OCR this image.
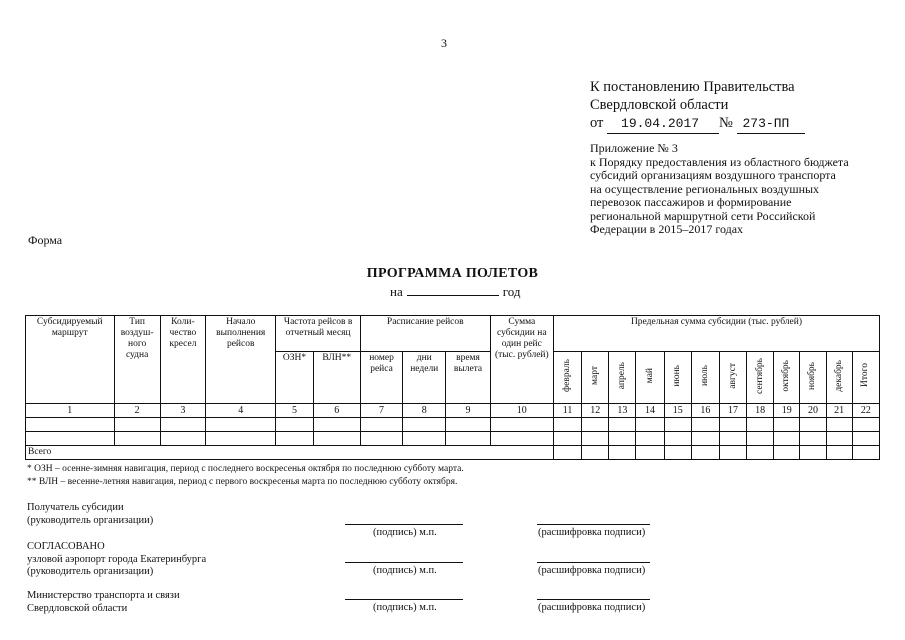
3
К постановлению Правительства
Свердловской области
от 19.04.2017 № 273-ПП
Приложение № 3
к Порядку предоставления из областного бюджета
субсидий организациям воздушного транспорта
на осуществление региональных воздушных
перевозок пассажиров и формирование
региональной маршрутной сети Российской
Федерации в 2015–2017 годах
Форма
ПРОГРАММА ПОЛЕТОВ
на	год
Субсидируемый маршрут	Тип воздуш-ного судна	Коли-чество кресел	Начало выполнения рейсов	Частота рейсов в отчетный месяц		Расписание рейсов			Сумма субсидии на один рейс (тыс. рублей)	Предельная сумма субсидии (тыс. рублей)											
				ОЗН*	ВЛН**	номер рейса	дни недели	время вылета		февраль	март	апрель	май	июнь	июль	август	сентябрь	октябрь	ноябрь	декабрь	Итого
1	2	3	4	5	6	7	8	9	10	11	12	13	14	15	16	17	18	19	20	21	22

Всего																					
* ОЗН – осенне-зимняя навигация, период с последнего воскресенья октября по последнюю субботу марта.
** ВЛН – весенне-летняя навигация, период с первого воскресенья марта по последнюю субботу октября.
Получатель субсидии
(руководитель организации)
(подпись) м.п.	(расшифровка подписи)
СОГЛАСОВАНО
узловой аэропорт города Екатеринбурга
(руководитель организации)	(подпись) м.п.	(расшифровка подписи)
Министерство транспорта и связи
Свердловской области	(подпись) м.п.	(расшифровка подписи)
